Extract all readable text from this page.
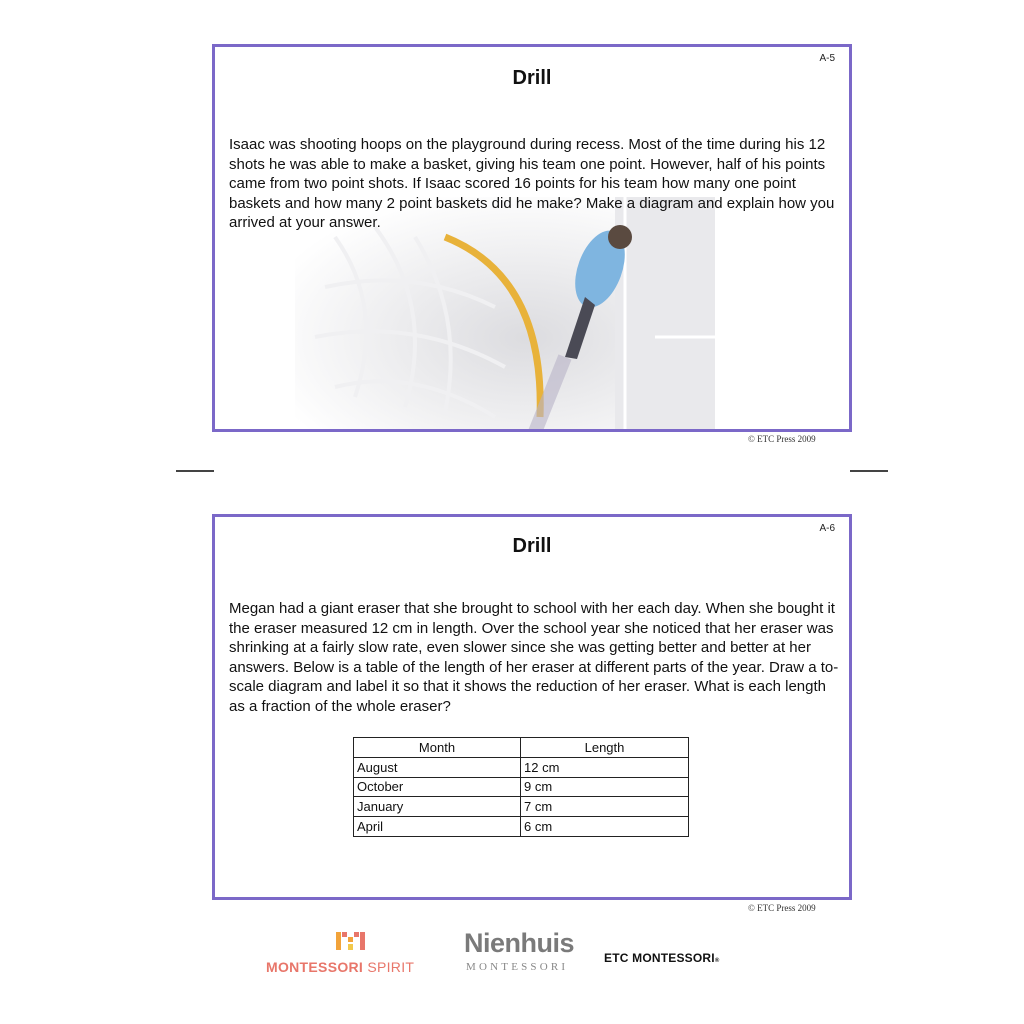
A-5
Drill
Isaac was shooting hoops on the playground during recess. Most of the time during his 12 shots he was able to make a basket, giving his team one point. However, half of his points came from two point shots. If Isaac scored 16 points for his team how many one point baskets and how many 2 point baskets did he make? Make a diagram and explain how you arrived at your answer.
© ETC Press 2009
A-6
Drill
Megan had a giant eraser that she brought to school with her each day. When she bought it the eraser measured 12 cm in length. Over the school year she noticed that her eraser was shrinking at a fairly slow rate, even slower since she was getting better and better at her answers. Below is a table of the length of her eraser at different parts of the year. Draw a to-scale diagram and label it so that it shows the reduction of her eraser. What is each length as a fraction of the whole eraser?
Month	Length
August	12 cm
October	9 cm
January	7 cm
April	6 cm
© ETC Press 2009
MONTESSORI SPIRIT
Nienhuis
MONTESSORI
ETC MONTESSORI®
